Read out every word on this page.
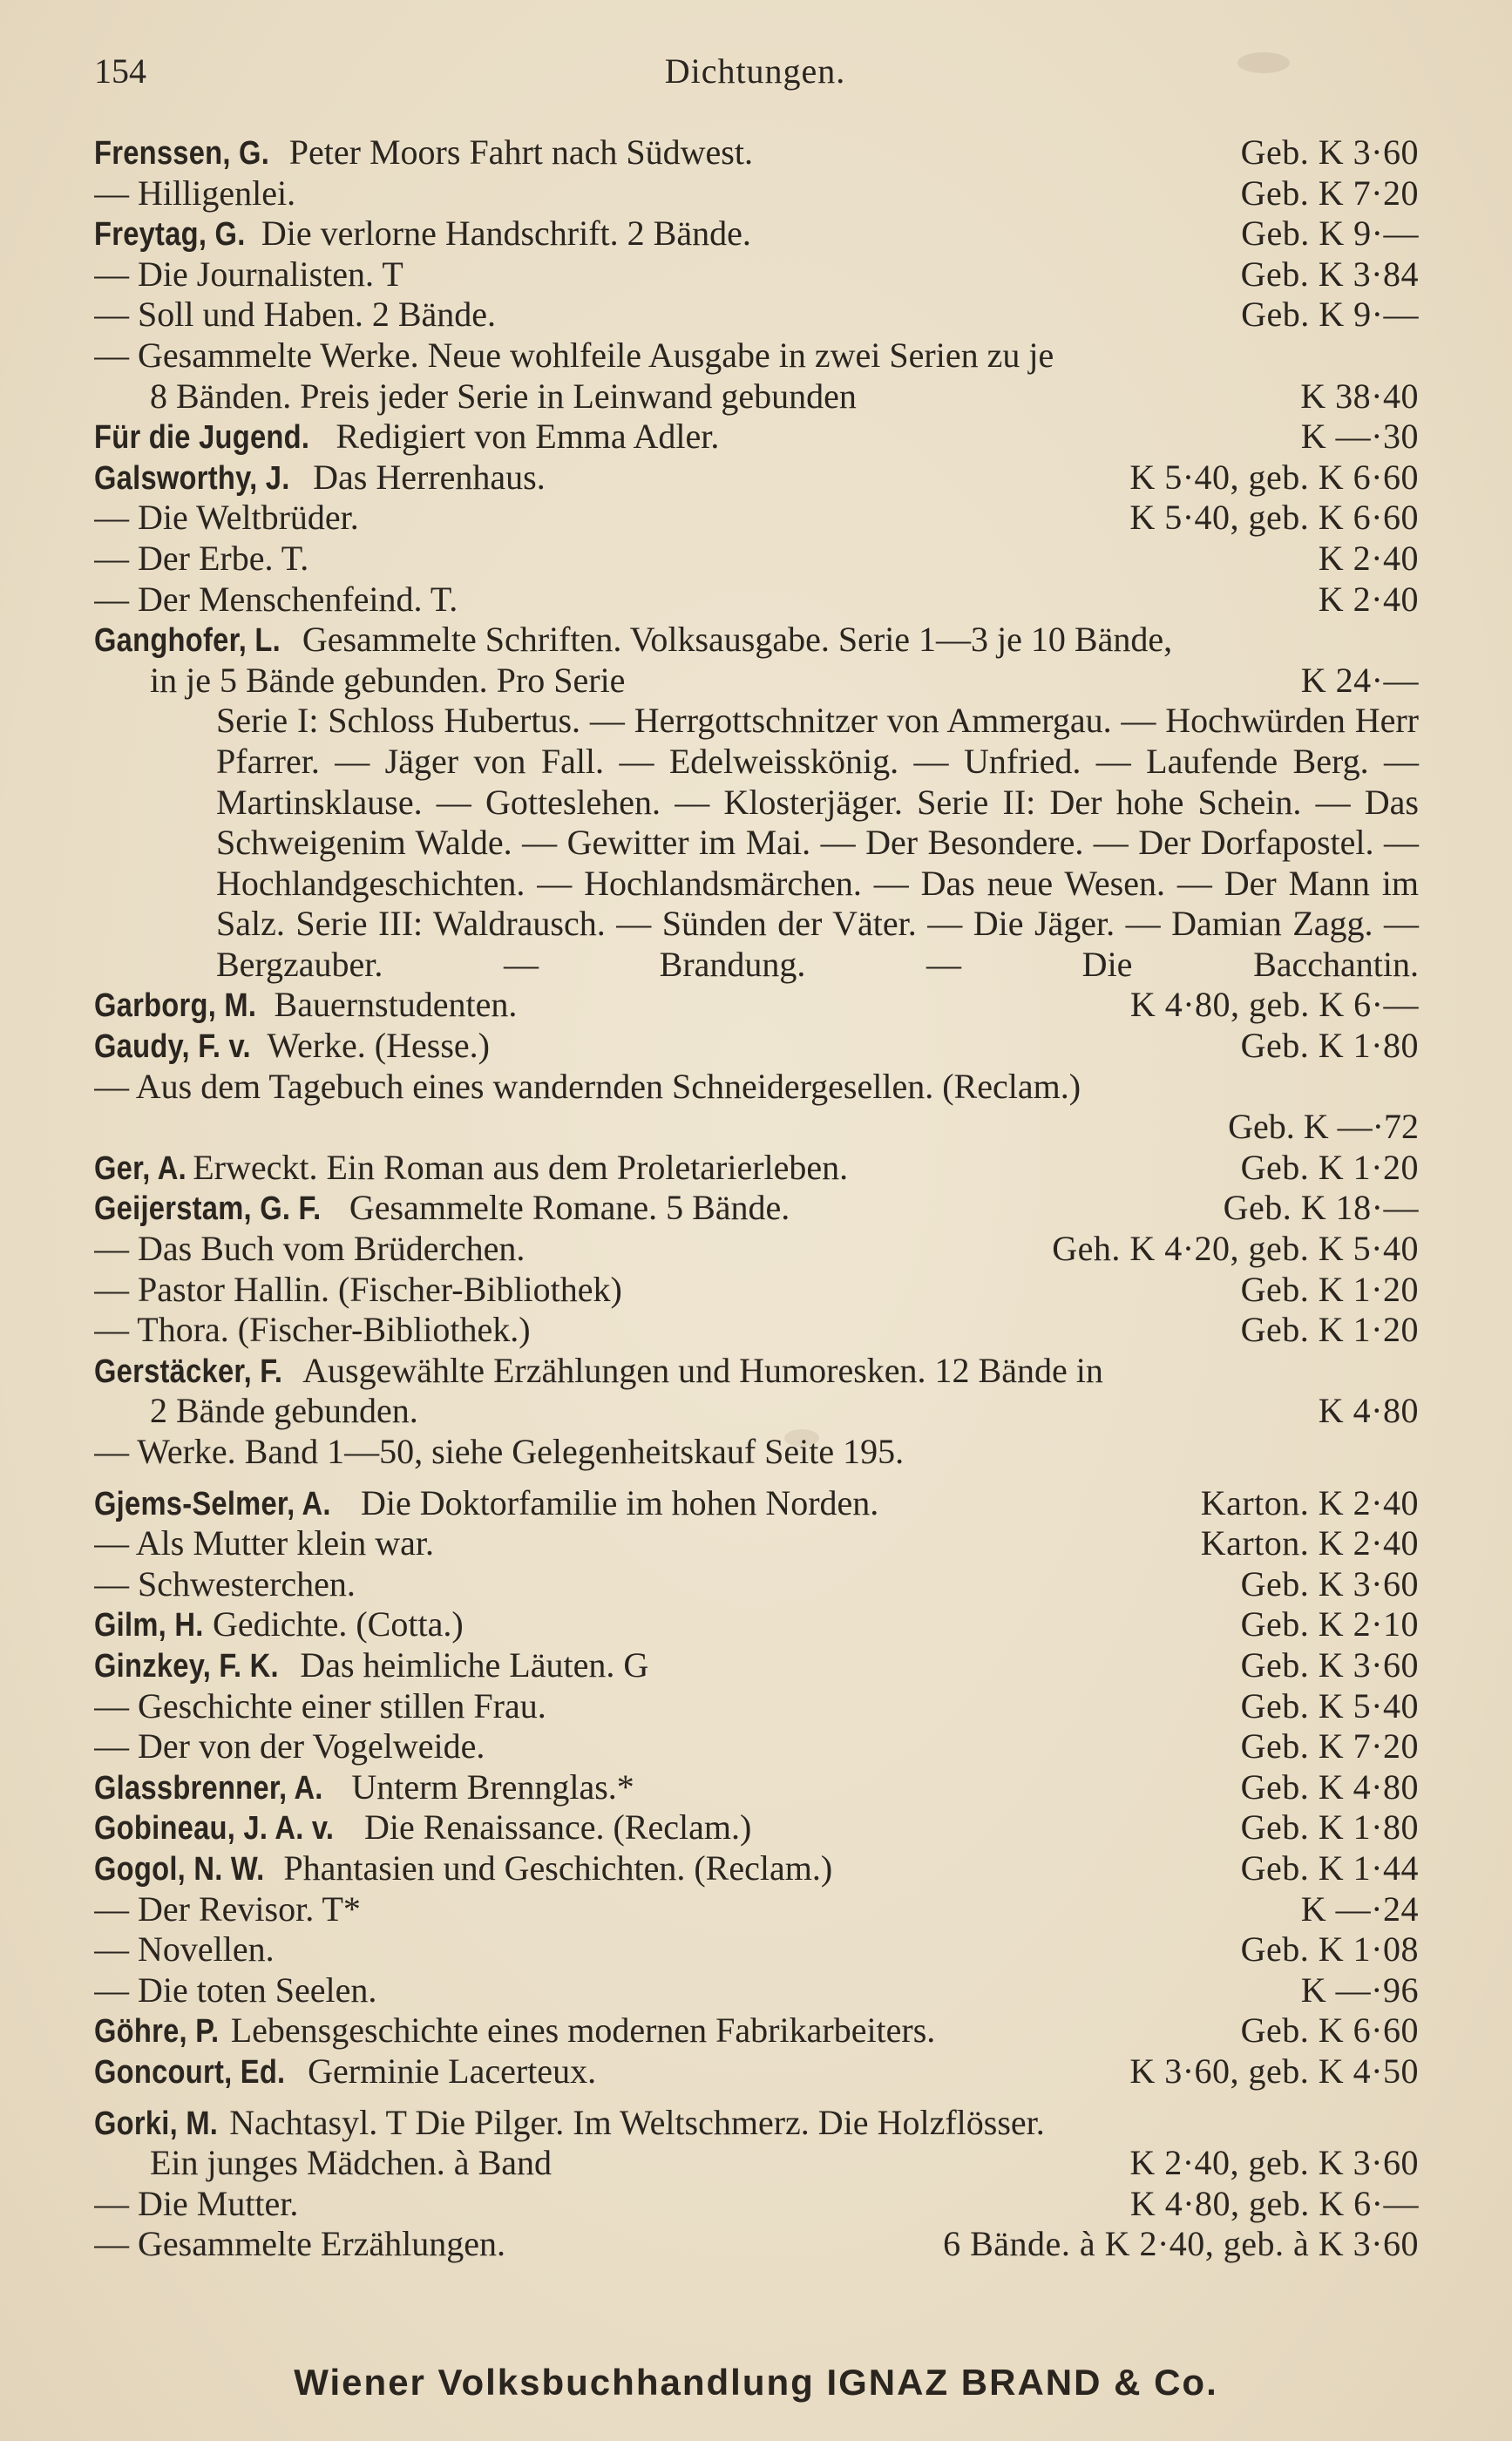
154	Dichtungen.
Frenssen, G. Peter Moors Fahrt nach Südwest.	Geb. K 3·60
— Hilligenlei.	Geb. K 7·20
Freytag, G. Die verlorne Handschrift. 2 Bände.	Geb. K 9·—
— Die Journalisten. T	Geb. K 3·84
— Soll und Haben. 2 Bände.	Geb. K 9·—
— Gesammelte Werke. Neue wohlfeile Ausgabe in zwei Serien zu je
8 Bänden. Preis jeder Serie in Leinwand gebunden	K 38·40
Für die Jugend. Redigiert von Emma Adler.	K —·30
Galsworthy, J. Das Herrenhaus.	K 5·40, geb. K 6·60
— Die Weltbrüder.	K 5·40, geb. K 6·60
— Der Erbe. T.	K 2·40
— Der Menschenfeind. T.	K 2·40
Ganghofer, L. Gesammelte Schriften. Volksausgabe. Serie 1—3 je 10 Bände,
in je 5 Bände gebunden. Pro Serie	K 24·—
Serie I: Schloss Hubertus. — Herrgottschnitzer von Ammergau. — Hochwürden Herr Pfarrer. — Jäger von Fall. — Edelweisskönig. — Unfried. — Laufende Berg. — Martinsklause. — Gotteslehen. — Klosterjäger. Serie II: Der hohe Schein. — Das Schweigenim Walde. — Gewitter im Mai. — Der Besondere. — Der Dorfapostel. — Hochlandgeschichten. — Hochlandsmärchen. — Das neue Wesen. — Der Mann im Salz. Serie III: Waldrausch. — Sünden der Väter. — Die Jäger. — Damian Zagg. — Bergzauber. — Brandung. — Die Bacchantin.
Garborg, M. Bauernstudenten.	K 4·80, geb. K 6·—
Gaudy, F. v. Werke. (Hesse.)	Geb. K 1·80
— Aus dem Tagebuch eines wandernden Schneidergesellen. (Reclam.)
Geb. K —·72
Ger, A. Erweckt. Ein Roman aus dem Proletarierleben.	Geb. K 1·20
Geijerstam, G. F. Gesammelte Romane. 5 Bände.	Geb. K 18·—
— Das Buch vom Brüderchen.	Geh. K 4·20, geb. K 5·40
— Pastor Hallin. (Fischer-Bibliothek)	Geb. K 1·20
— Thora. (Fischer-Bibliothek.)	Geb. K 1·20
Gerstäcker, F. Ausgewählte Erzählungen und Humoresken. 12 Bände in
2 Bände gebunden.	K 4·80
— Werke. Band 1—50, siehe Gelegenheitskauf Seite 195.
Gjems-Selmer, A. Die Doktorfamilie im hohen Norden.	Karton. K 2·40
— Als Mutter klein war.	Karton. K 2·40
— Schwesterchen.	Geb. K 3·60
Gilm, H. Gedichte. (Cotta.)	Geb. K 2·10
Ginzkey, F. K. Das heimliche Läuten. G	Geb. K 3·60
— Geschichte einer stillen Frau.	Geb. K 5·40
— Der von der Vogelweide.	Geb. K 7·20
Glassbrenner, A. Unterm Brennglas.*	Geb. K 4·80
Gobineau, J. A. v. Die Renaissance. (Reclam.)	Geb. K 1·80
Gogol, N. W. Phantasien und Geschichten. (Reclam.)	Geb. K 1·44
— Der Revisor. T*	K —·24
— Novellen.	Geb. K 1·08
— Die toten Seelen.	K —·96
Göhre, P. Lebensgeschichte eines modernen Fabrikarbeiters.	Geb. K 6·60
Goncourt, Ed. Germinie Lacerteux.	K 3·60, geb. K 4·50
Gorki, M. Nachtasyl. T Die Pilger. Im Weltschmerz. Die Holzflösser.
Ein junges Mädchen. à Band	K 2·40, geb. K 3·60
— Die Mutter.	K 4·80, geb. K 6·—
— Gesammelte Erzählungen.	6 Bände. à K 2·40, geb. à K 3·60
Wiener Volksbuchhandlung IGNAZ BRAND & Co.
